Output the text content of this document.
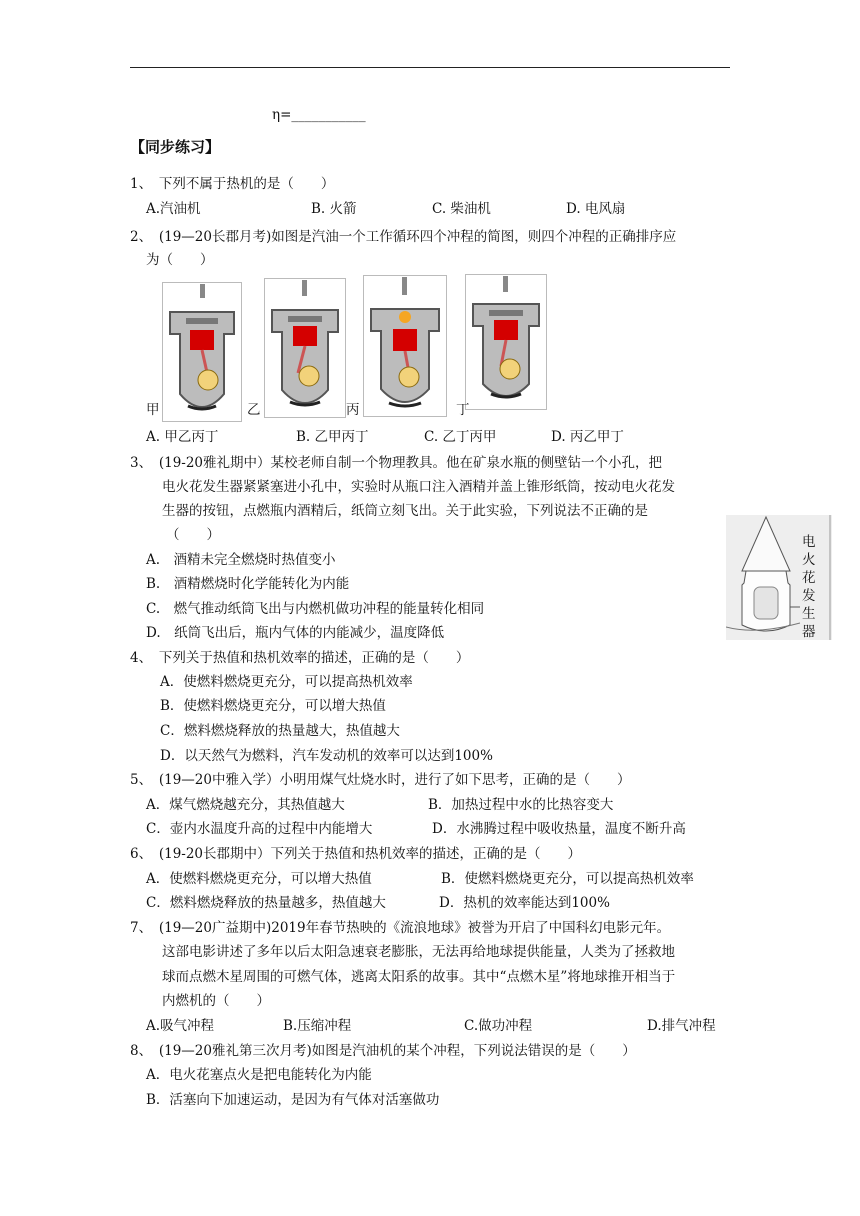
η=___________
【同步练习】
1、　下列不属于热机的是（　　）
A.汽油机	B. 火箭	C. 柴油机	D. 电风扇
2、　(19—20长郡月考)如图是汽油一个工作循环四个冲程的简图，则四个冲程的正确排序应
为（　　）
甲	乙	丙	丁
A. 甲乙丙丁	B. 乙甲丙丁	C. 乙丁丙甲	D. 丙乙甲丁
3、　(19-20雅礼期中）某校老师自制一个物理教具。他在矿泉水瓶的侧壁钻一个小孔，把
电火花发生器紧紧塞进小孔中，实验时从瓶口注入酒精并盖上锥形纸筒，按动电火花发
生器的按钮，点燃瓶内酒精后，纸筒立刻飞出。关于此实验，下列说法不正确的是
（　　）
A.　酒精未完全燃烧时热值变小
B.　酒精燃烧时化学能转化为内能
C.　燃气推动纸筒飞出与内燃机做功冲程的能量转化相同
D.　纸筒飞出后，瓶内气体的内能减少，温度降低
电
火
花
发
生
器
4、　下列关于热值和热机效率的描述，正确的是（　　）
A．使燃料燃烧更充分，可以提高热机效率
B．使燃料燃烧更充分，可以增大热值
C．燃料燃烧释放的热量越大，热值越大
D．以天然气为燃料，汽车发动机的效率可以达到100%
5、　(19—20中雅入学）小明用煤气灶烧水时，进行了如下思考，正确的是（　　）
A．煤气燃烧越充分，其热值越大	B．加热过程中水的比热容变大
C．壶内水温度升高的过程中内能增大	D．水沸腾过程中吸收热量，温度不断升高
6、　(19-20长郡期中）下列关于热值和热机效率的描述，正确的是（　　）
A．使燃料燃烧更充分，可以增大热值	B．使燃料燃烧更充分，可以提高热机效率
C．燃料燃烧释放的热量越多，热值越大	D．热机的效率能达到100%
7、　(19—20广益期中)2019年春节热映的《流浪地球》被誉为开启了中国科幻电影元年。
这部电影讲述了多年以后太阳急速衰老膨胀，无法再给地球提供能量，人类为了拯救地
球而点燃木星周围的可燃气体，逃离太阳系的故事。其中“点燃木星”将地球推开相当于
内燃机的（　　）
A.吸气冲程	B.压缩冲程	C.做功冲程	D.排气冲程
8、　(19—20雅礼第三次月考)如图是汽油机的某个冲程，下列说法错误的是（　　）
A．电火花塞点火是把电能转化为内能
B．活塞向下加速运动，是因为有气体对活塞做功
